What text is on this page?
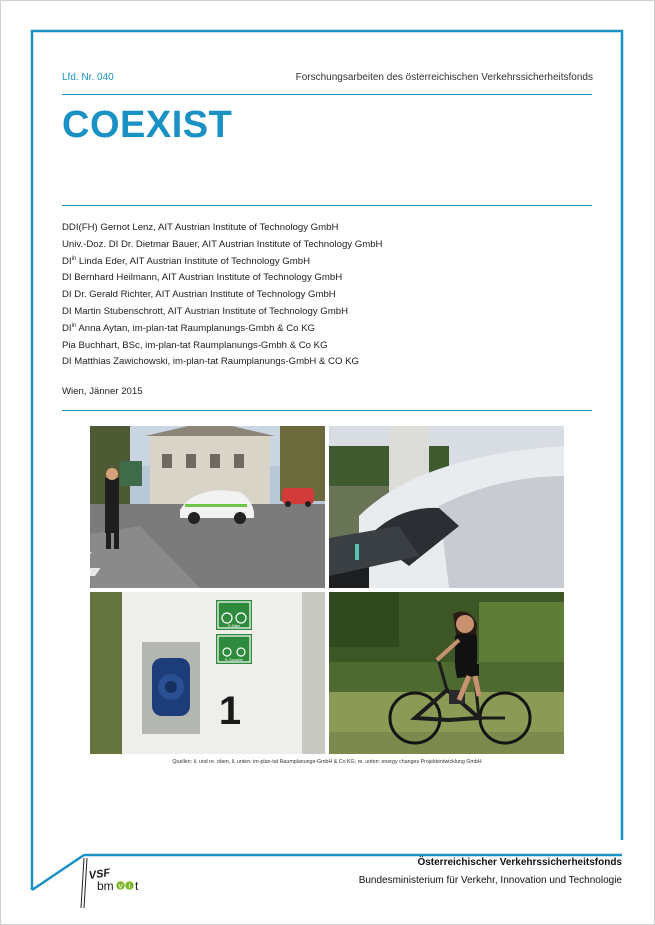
Lfd. Nr. 040	Forschungsarbeiten des österreichischen Verkehrssicherheitsfonds
COEXIST
DDI(FH) Gernot Lenz, AIT Austrian Institute of Technology GmbH
Univ.-Doz. DI Dr. Dietmar Bauer, AIT Austrian Institute of Technology GmbH
$DI^{in}$ Linda Eder, AIT Austrian Institute of Technology GmbH
DI Bernhard Heilmann, AIT Austrian Institute of Technology GmbH
DI Dr. Gerald Richter, AIT Austrian Institute of Technology GmbH
DI Martin Stubenschrott, AIT Austrian Institute of Technology GmbH
$DI^{in}$ Anna Aytan, im-plan-tat Raumplanungs-Gmbh & Co KG
Pia Buchhart, BSc, im-plan-tat Raumplanungs-Gmbh & Co KG
DI Matthias Zawichowski, im-plan-tat Raumplanungs-GmbH & CO KG
Wien, Jänner 2015
E-Bike
E-Scooter
1
Quellen: li. und re. oben, li. unten: im-plan-tat Raumplanungs-GmbH & Co KG; re. unten: energy changes Projektentwicklung GmbH
VSF
bm v i t
Österreichischer Verkehrssicherheitsfonds
Bundesministerium für Verkehr, Innovation und Technologie
